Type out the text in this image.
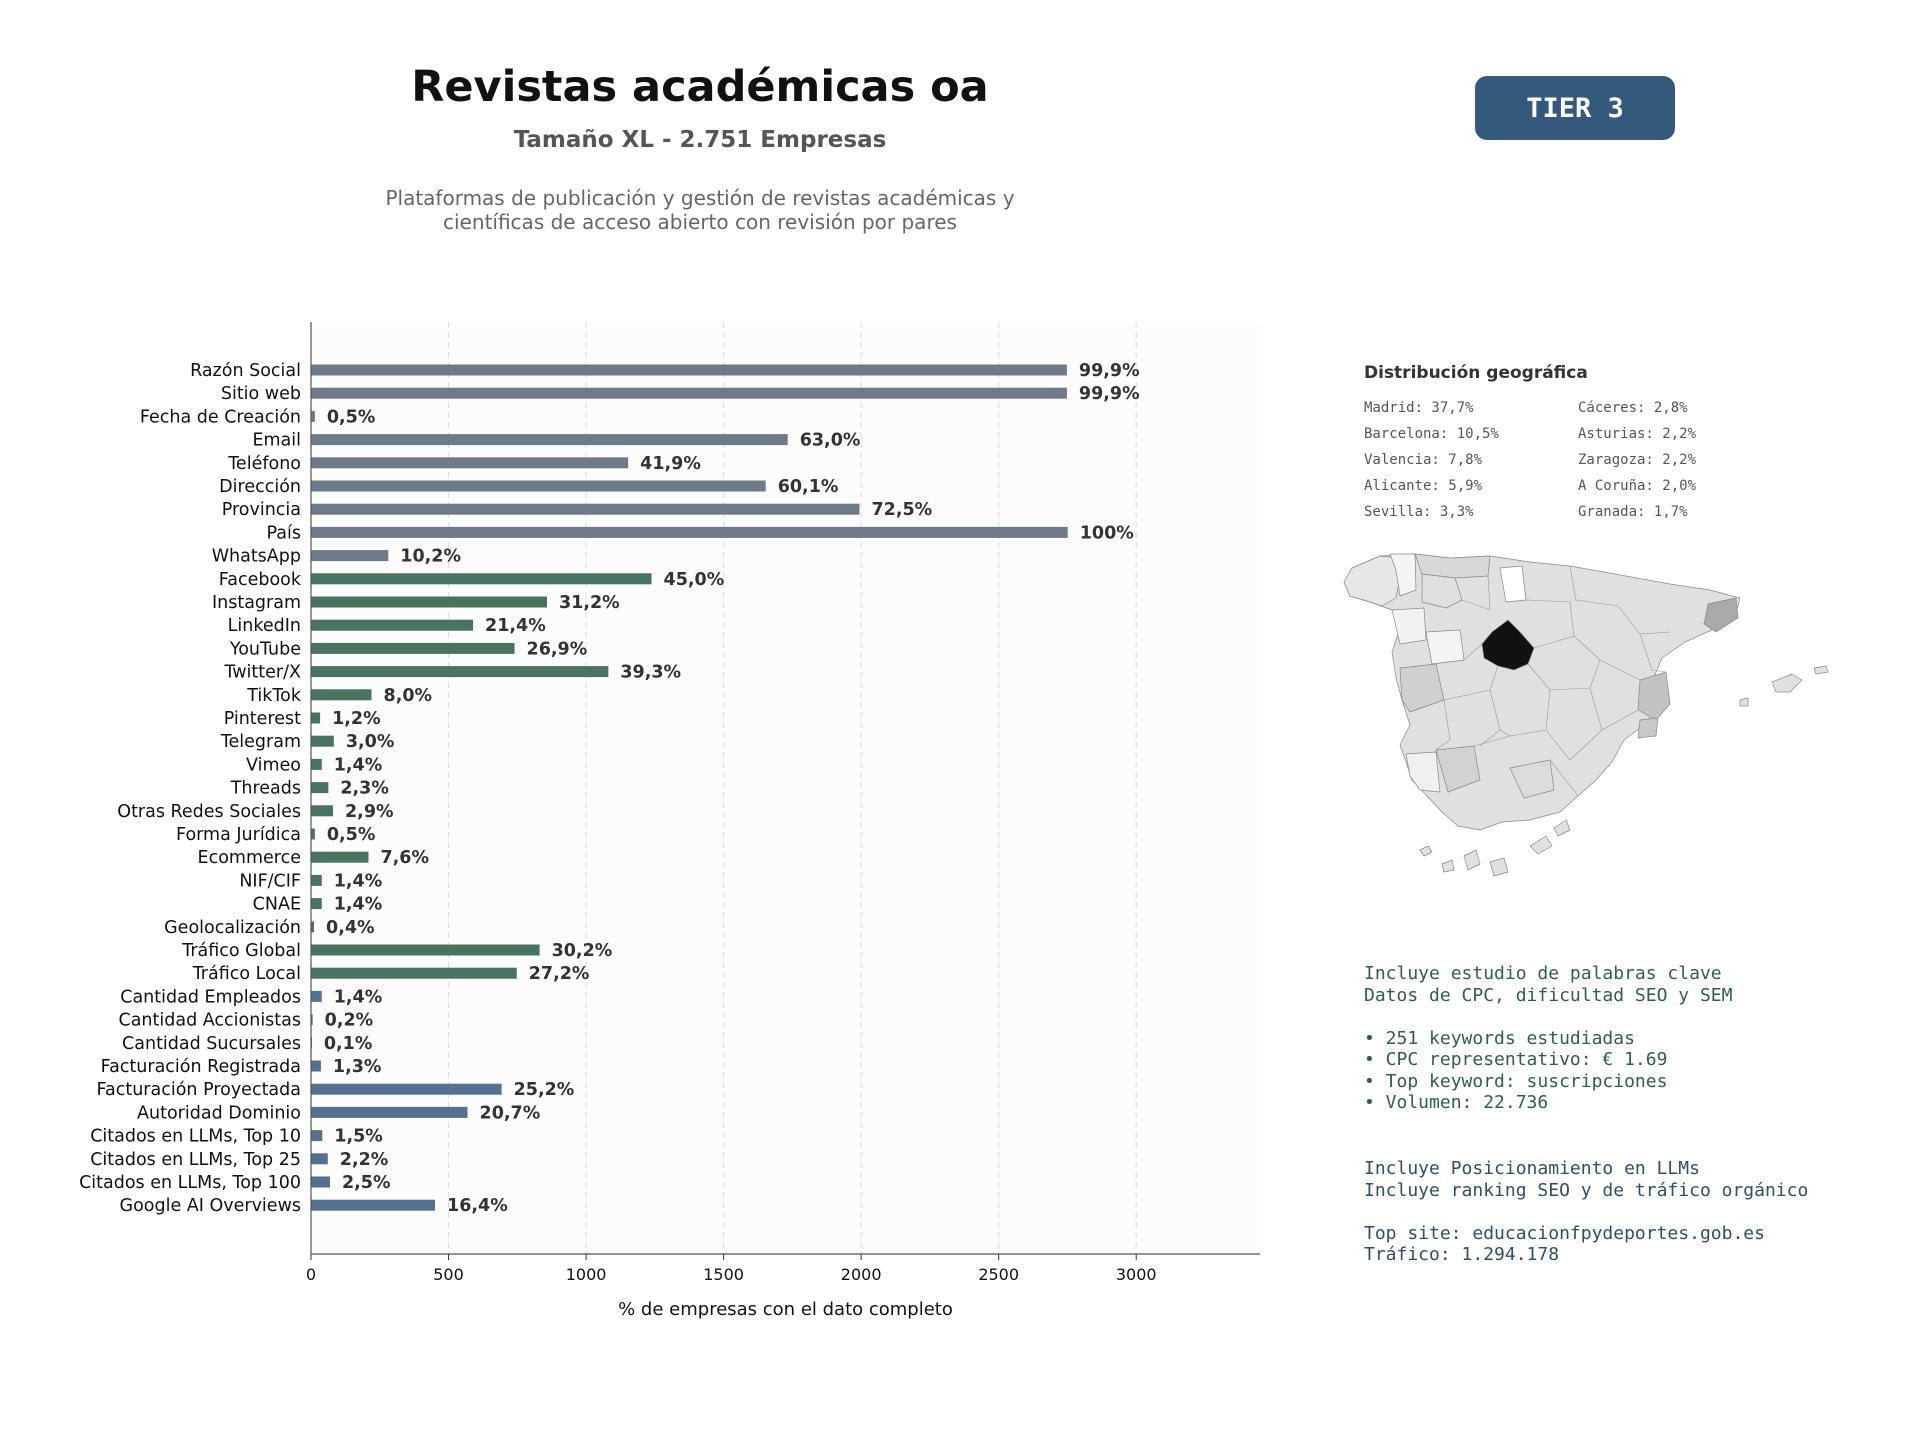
Revistas académicas oa
Tamaño XL - 2.751 Empresas
Plataformas de publicación y gestión de revistas académicas y
científicas de acceso abierto con revisión por pares
TIER 3
0	500	1000	1500	2000	2500	3000
Razón Social	99,9%
Sitio web	99,9%
Fecha de Creación 0,5%
Email	63,0%
Teléfono	41,9%
Dirección	60,1%
Provincia	72,5%
País	100%
WhatsApp	10,2%
Facebook	45,0%
Instagram	31,2%
LinkedIn	21,4%
YouTube	26,9%
Twitter/X	39,3%
TikTok	8,0%
Pinterest 1,2%
Telegram	3,0%
Vimeo 1,4%
Threads 2,3%
Otras Redes Sociales	2,9%
Forma Jurídica 0,5%
Ecommerce	7,6%
NIF/CIF 1,4%
CNAE 1,4%
Geolocalización 0,4%
Tráfico Global	30,2%
Tráfico Local	27,2%
Cantidad Empleados 1,4%
Cantidad Accionistas 0,2%
Cantidad Sucursales 0,1%
Facturación Registrada 1,3%
Facturación Proyectada	25,2%
Autoridad Dominio	20,7%
Citados en LLMs, Top 10 1,5%
Citados en LLMs, Top 25 2,2%
Citados en LLMs, Top 100 2,5%
Google AI Overviews	16,4%
% de empresas con el dato completo
Distribución geográfica
Madrid: 37,7%
Barcelona: 10,5%
Valencia: 7,8%
Alicante: 5,9%
Sevilla: 3,3%
Cáceres: 2,8%
Asturias: 2,2%
Zaragoza: 2,2%
A Coruña: 2,0%
Granada: 1,7%
Incluye estudio de palabras clave
Datos de CPC, dificultad SEO y SEM

• 251 keywords estudiadas
• CPC representativo: € 1.69
• Top keyword: suscripciones
• Volumen: 22.736
Incluye Posicionamiento en LLMs
Incluye ranking SEO y de tráfico orgánico

Top site: educacionfpydeportes.gob.es
Tráfico: 1.294.178
